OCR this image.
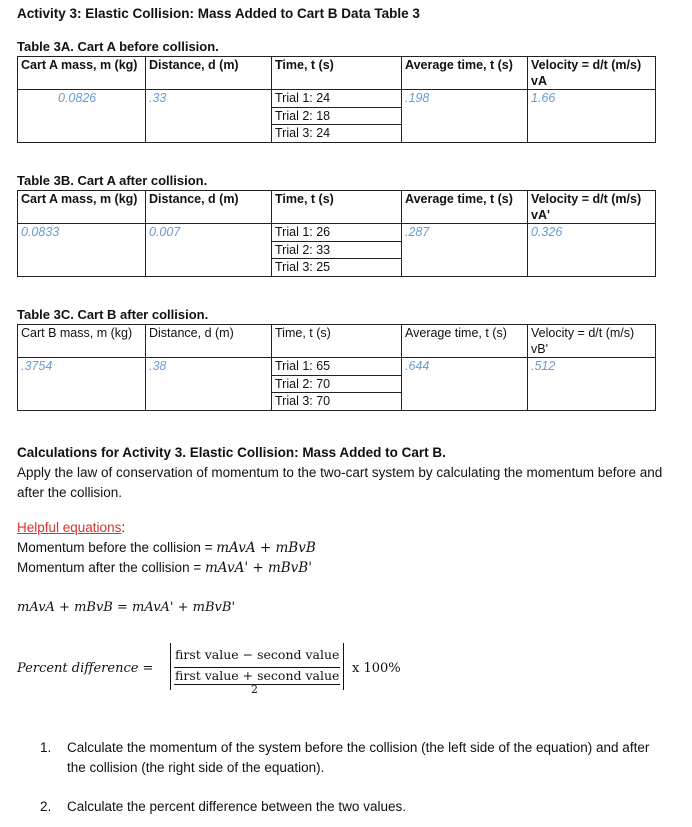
Activity 3: Elastic Collision: Mass Added to Cart B Data Table 3
Table 3A. Cart A before collision.
Cart A mass, m (kg)	Distance, d (m)	Time, t (s)	Average time, t (s)	Velocity = d/t (m/s) vA
0.0826	.33	Trial 1: 24	.198	1.66
		Trial 2: 18		
		Trial 3: 24		
Table 3B. Cart A after collision.
Cart A mass, m (kg)	Distance, d (m)	Time, t (s)	Average time, t (s)	Velocity = d/t (m/s) vA'
0.0833	0.007	Trial 1: 26	.287	0.326
		Trial 2: 33		
		Trial 3: 25		
Table 3C. Cart B after collision.
Cart B mass, m (kg)	Distance, d (m)	Time, t (s)	Average time, t (s)	Velocity = d/t (m/s) vB'
.3754	.38	Trial 1: 65	.644	.512
		Trial 2: 70		
		Trial 3: 70		
Calculations for Activity 3. Elastic Collision: Mass Added to Cart B.
Apply the law of conservation of momentum to the two-cart system by calculating the momentum before and after the collision.
Helpful equations:
Momentum before the collision = mAvA + mBvB
Momentum after the collision = mAvA' + mBvB'
mAvA + mBvB = mAvA' + mBvB'
Percent difference =
first value − second value
first value + second value
2
x 100%
1. Calculate the momentum of the system before the collision (the left side of the equation) and after the collision (the right side of the equation).
2. Calculate the percent difference between the two values.
